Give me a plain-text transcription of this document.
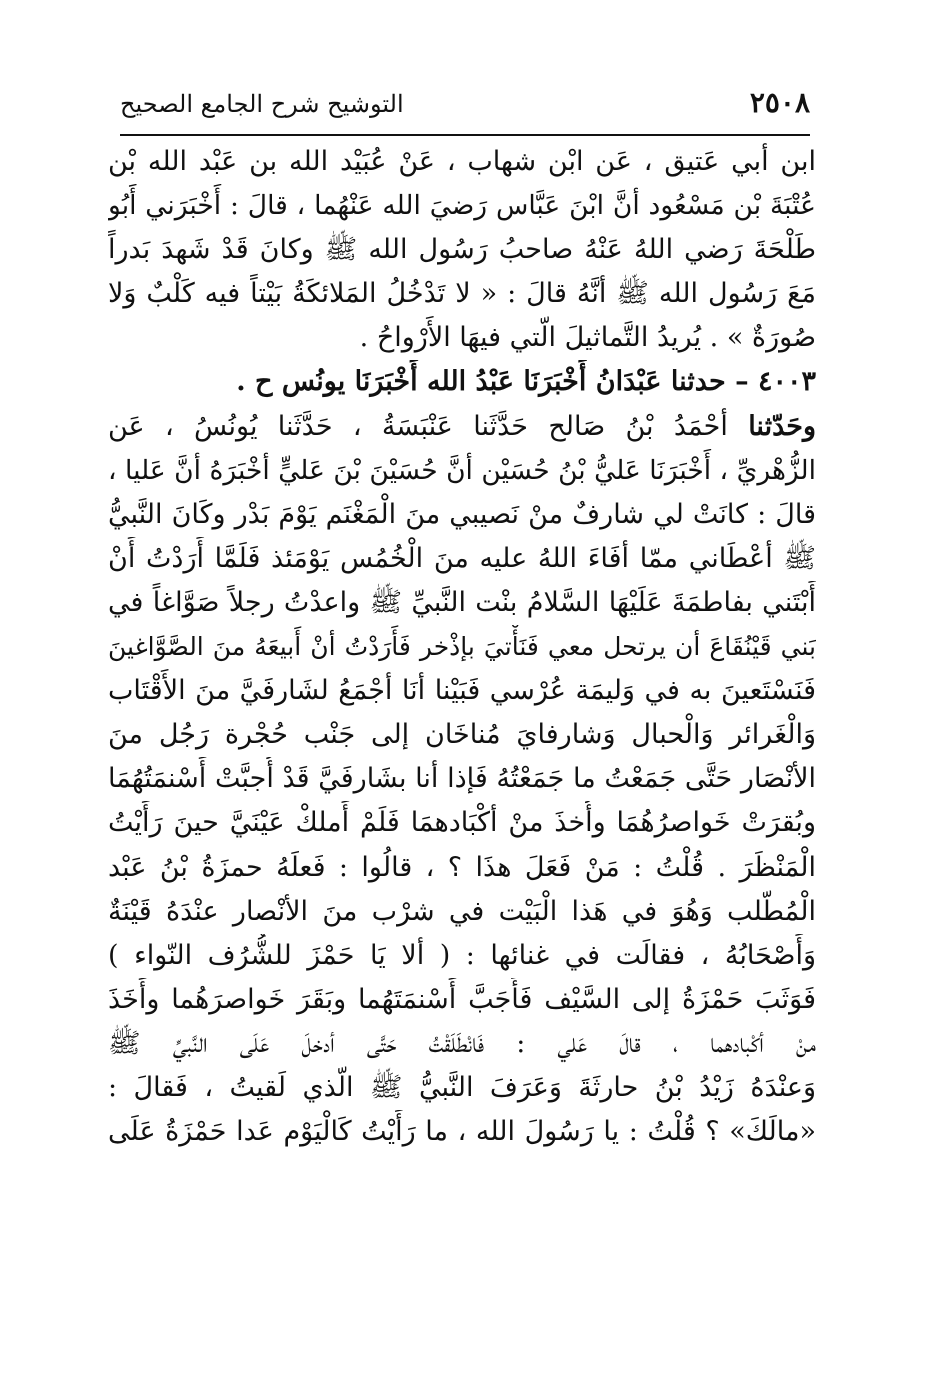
٢٥٠٨
التوشيح شرح الجامع الصحيح
ابن أبي عَتيق ، عَن ابْن شهاب ، عَنْ عُبَيْد الله بن عَبْد الله بْن
عُتْبَةَ بْن مَسْعُود أنَّ ابْنَ عَبَّاس رَضيَ الله عَنْهُما ، قالَ : أَخْبَرَني أَبُو
طَلْحَةَ رَضي اللهُ عَنْهُ صاحبُ رَسُول الله ﷺ وكانَ قَدْ شَهدَ بَدراً
مَعَ رَسُول الله ﷺ أنَّهُ قالَ : « لا تَدْخُلُ المَلائكَةُ بَيْتاً فيه كَلْبٌ وَلا
صُورَةٌ » . يُريدُ التَّماثيلَ الَّتي فيهَا الأَرْواحُ .
٤٠٠٣ – حدثنا عَبْدَانُ أَخْبَرَنَا عَبْدُ الله أَخْبَرَنَا يونُس ح .
وحَدّثنا أحْمَدُ بْنُ صَالح حَدَّثَنا عَنْبَسَةُ ، حَدَّثَنا يُونُسُ ، عَن
الزُّهْريِّ ، أَخْبَرَنَا عَليُّ بْنُ حُسَيْن أنَّ حُسَيْنَ بْنَ عَليٍّ أخْبَرَهُ أنَّ عَليا ،
قالَ : كانَتْ لي شارفٌ منْ نَصيبي منَ الْمَغْنَم يَوْمَ بَدْر وكَانَ النَّبيُّ
ﷺ أعْطَاني ممّا أفَاءَ اللهُ عليه منَ الْخُمُس يَوْمَئذ فَلَمَّا أَرَدْتُ أَنْ
أَبْتَني بفاطمَةَ عَلَيْهَا السَّلامُ بنْت النَّبيِّ ﷺ واعدْتُ رجلاً صَوَّاغاً في
بَني قَيْنُقَاعَ أن يرتحل معي فَنَأْتيَ بإذْخر فَأَرَدْتُ أنْ أَبيعَهُ منَ الصَّوَّاغينَ
فَنَسْتَعينَ به في وَليمَة عُرْسي فَبَيْنا أنَا أجْمَعُ لشَارفَيَّ منَ الأَقْتَاب
وَالْغَرائر وَالْحبال وَشارفايَ مُناخَان إلى جَنْب حُجْرة رَجُل منَ
الأنْصَار حَتَّى جَمَعْتُ ما جَمَعْتُهُ فَإذا أنا بشَارفَيَّ قَدْ أُجبَّتْ أَسْنمَتُهُمَا
وبُقرَتْ خَواصرُهُمَا وأُخذَ منْ أكْبَادهمَا فَلَمْ أَملكْ عَيْنَيَّ حينَ رَأَيْتُ
الْمَنْظَرَ . قُلْتُ : مَنْ فَعَلَ هذَا ؟ ، قالُوا : فَعلَهُ حمزَةُ بْنُ عَبْد
الْمُطَّلب وَهُوَ في هَذا الْبَيْت في شرْب منَ الأنْصار عنْدَهُ قَيْنَةٌ
وَأَصْحَابُهُ ، فقالَت في غنائها : ( ألا يَا حَمْزَ للشُّرُف النّواء )
فَوَثَبَ حَمْزَةُ إلى السَّيْف فَأَجَبَّ أَسْنمَتَهُما وبَقَرَ خَواصرَهُما وأَخَذَ
منْ أكْبادهما ، قالَ عَلي : فَانْطَلَقْتُ حَتَّى أدخلَ عَلَى النَّبيِّ ﷺ
وَعنْدَهُ زَيْدُ بْنُ حارثَةَ وَعَرَفَ النَّبيُّ ﷺ الَّذي لَقيتُ ، فَقالَ :
«مالَكَ» ؟ قُلْتُ : يا رَسُولَ الله ، ما رَأَيْتُ كَالْيَوْم عَدا حَمْزَةُ عَلَى
